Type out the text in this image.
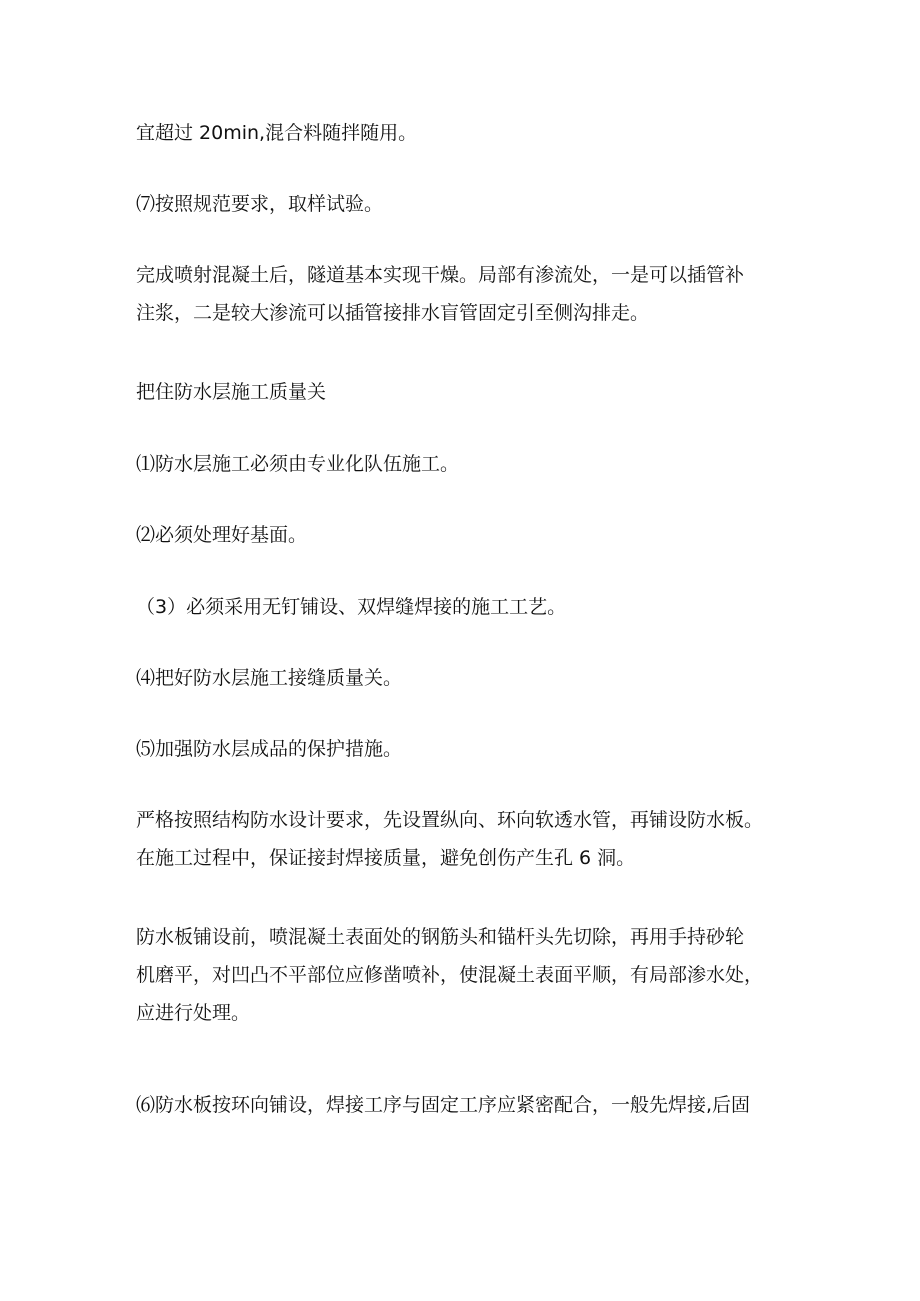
宜超过 20min,混合料随拌随用。

⑺按照规范要求，取样试验。

完成喷射混凝土后，隧道基本实现干燥。局部有渗流处，一是可以插管补
注浆，二是较大渗流可以插管接排水盲管固定引至侧沟排走。

把住防水层施工质量关

⑴防水层施工必须由专业化队伍施工。

⑵必须处理好基面。

（3）必须采用无钉铺设、双焊缝焊接的施工工艺。

⑷把好防水层施工接缝质量关。

⑸加强防水层成品的保护措施。

严格按照结构防水设计要求，先设置纵向、环向软透水管，再铺设防水板。
在施工过程中，保证接封焊接质量，避免创伤产生孔 6 洞。

防水板铺设前，喷混凝土表面处的钢筋头和锚杆头先切除，再用手持砂轮
机磨平，对凹凸不平部位应修凿喷补，使混凝土表面平顺，有局部渗水处，
应进行处理。

⑹防水板按环向铺设，焊接工序与固定工序应紧密配合，一般先焊接,后固
